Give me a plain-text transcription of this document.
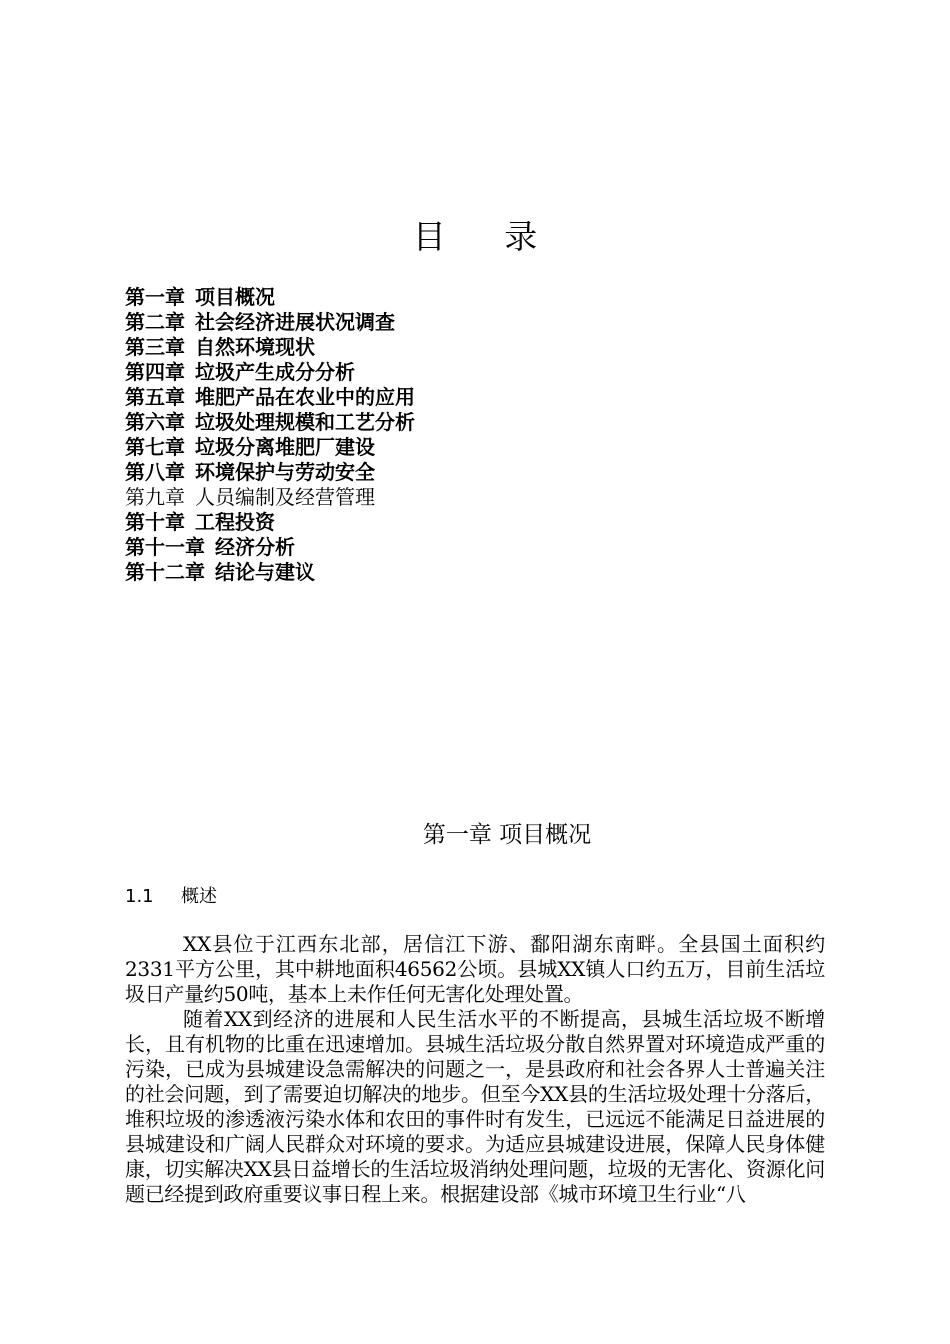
目 录
第一章 项目概况
第二章 社会经济进展状况调查
第三章 自然环境现状
第四章 垃圾产生成分分析
第五章 堆肥产品在农业中的应用
第六章 垃圾处理规模和工艺分析
第七章 垃圾分离堆肥厂建设
第八章 环境保护与劳动安全
第九章 人员编制及经营管理
第十章 工程投资
第十一章 经济分析
第十二章 结论与建议
第一章 项目概况
1.1 概述

XX县位于江西东北部，居信江下游、鄱阳湖东南畔。全县国土面积约2331平方公里，其中耕地面积46562公顷。县城XX镇人口约五万，目前生活垃圾日产量约50吨，基本上未作任何无害化处理处置。

随着XX到经济的进展和人民生活水平的不断提高，县城生活垃圾不断增长，且有机物的比重在迅速增加。县城生活垃圾分散自然界置对环境造成严重的污染，已成为县城建设急需解决的问题之一，是县政府和社会各界人士普遍关注的社会问题，到了需要迫切解决的地步。但至今XX县的生活垃圾处理十分落后，堆积垃圾的渗透液污染水体和农田的事件时有发生，已远远不能满足日益进展的县城建设和广阔人民群众对环境的要求。为适应县城建设进展，保障人民身体健康，切实解决XX县日益增长的生活垃圾消纳处理问题，垃圾的无害化、资源化问题已经提到政府重要议事日程上来。根据建设部《城市环境卫生行业“八
